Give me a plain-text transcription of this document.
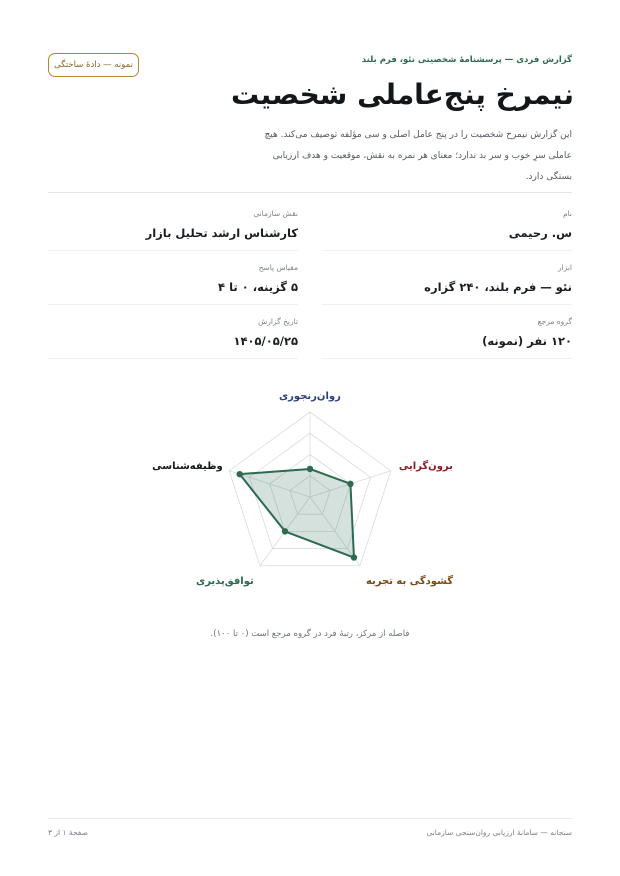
نمونه — دادهٔ ساختگی	گزارش فردی — پرسشنامهٔ شخصیتی نئو، فرم بلند
نیمرخ پنج‌عاملی شخصیت
این گزارش نیمرخ شخصیت را در پنج عامل اصلی و سی مؤلفه توصیف می‌کند. هیچ عاملی سرِ خوب و سر بد ندارد؛ معنای هر نمره به نقش، موقعیت و هدف ارزیابی بستگی دارد.
نام
س. رحیمی
ابزار
نئو — فرم بلند، ۲۴۰ گزاره
گروه مرجع
۱۲۰ نفر (نمونه)
نقش سازمانی
کارشناس ارشد تحلیل بازار
مقیاس پاسخ
۵ گزینه، ۰ تا ۴
تاریخ گزارش
۱۴۰۵/۰۵/۲۵
روان‌رنجوری
برون‌گرایی
گشودگی به تجربه
توافق‌پذیری
وظیفه‌شناسی
فاصله از مرکز، رتبهٔ فرد در گروه مرجع است (۰ تا ۱۰۰).
سنجانه — سامانهٔ ارزیابی روان‌سنجی سازمانی
صفحهٔ ۱ از ۳
